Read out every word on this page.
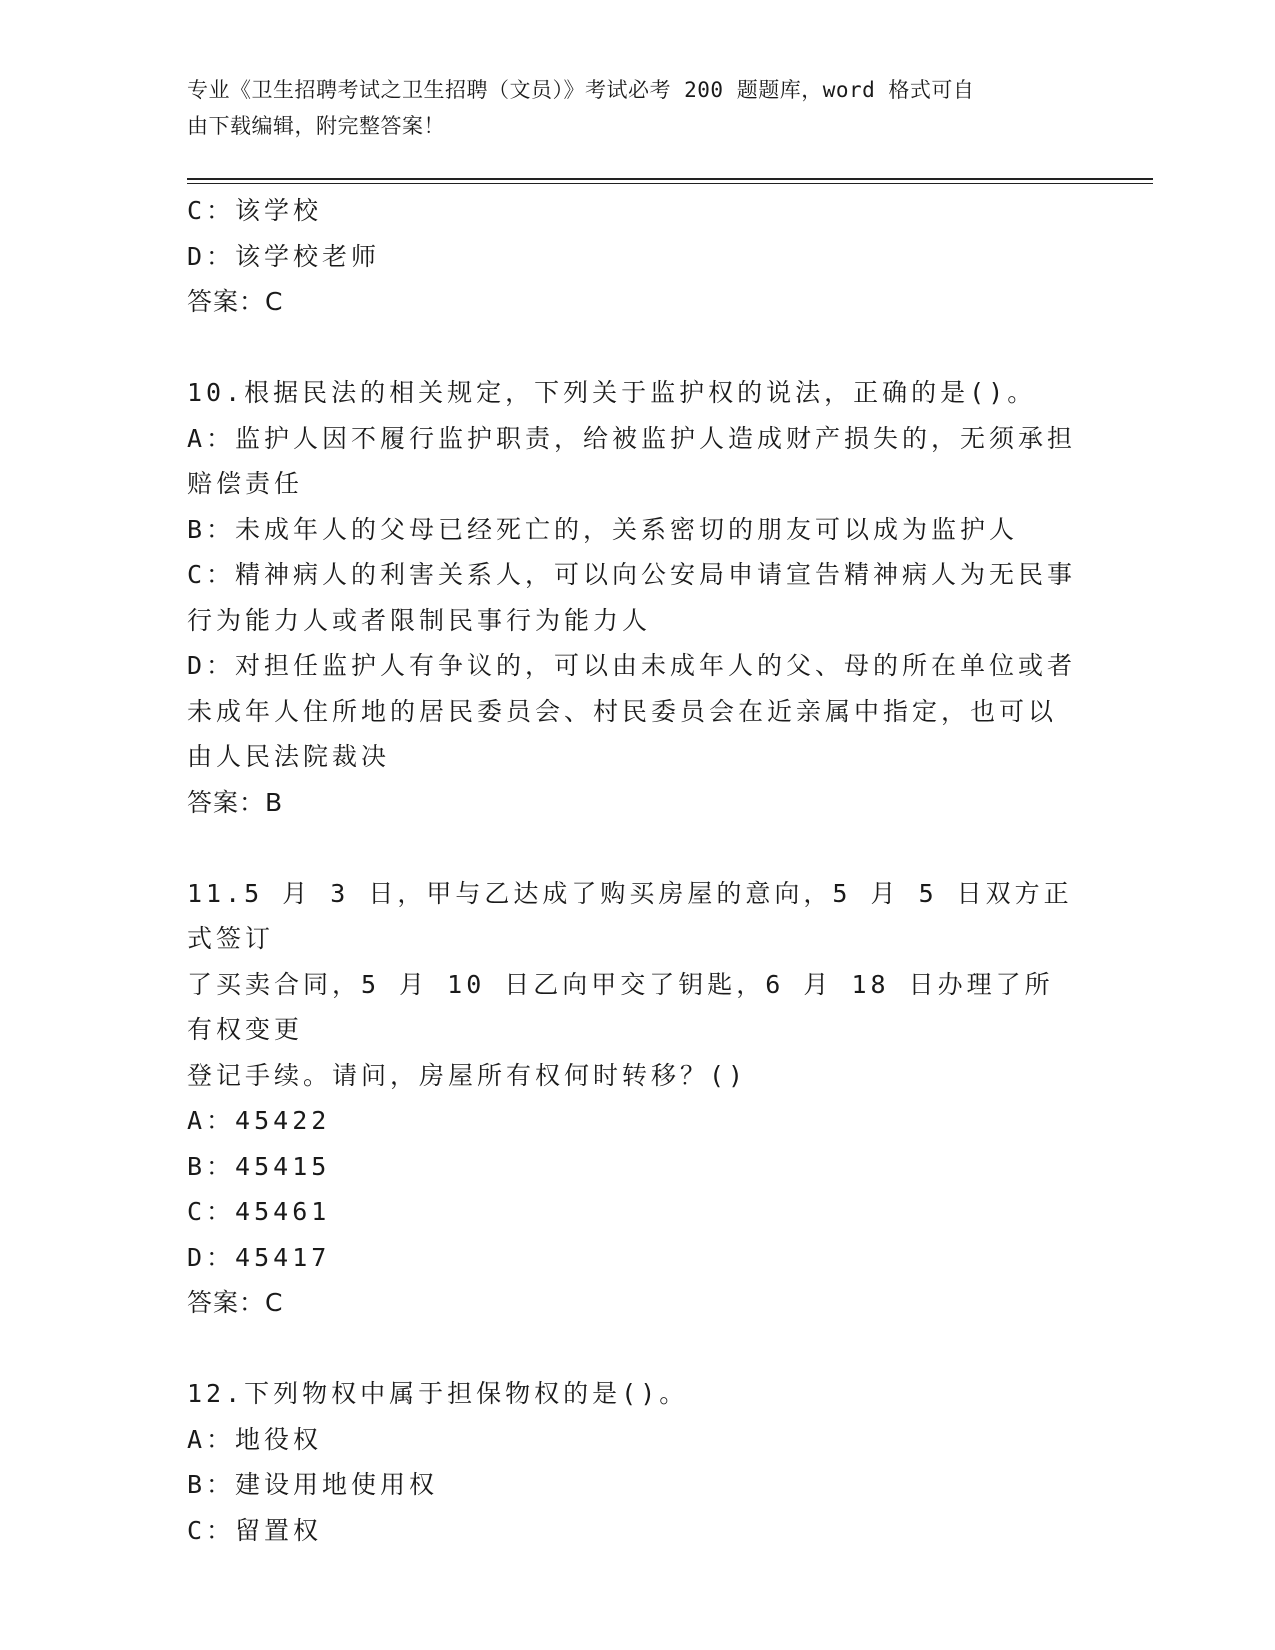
专业《卫生招聘考试之卫生招聘（文员）》考试必考 200 题题库，word 格式可自
由下载编辑，附完整答案！
C：该学校
D：该学校老师
答案：C
10.根据民法的相关规定，下列关于监护权的说法，正确的是()。
A：监护人因不履行监护职责，给被监护人造成财产损失的，无须承担
赔偿责任
B：未成年人的父母已经死亡的，关系密切的朋友可以成为监护人
C：精神病人的利害关系人，可以向公安局申请宣告精神病人为无民事
行为能力人或者限制民事行为能力人
D：对担任监护人有争议的，可以由未成年人的父、母的所在单位或者
未成年人住所地的居民委员会、村民委员会在近亲属中指定，也可以
由人民法院裁决
答案：B
11.5 月 3 日，甲与乙达成了购买房屋的意向，5 月 5 日双方正式签订
了买卖合同，5 月 10 日乙向甲交了钥匙，6 月 18 日办理了所有权变更
登记手续。请问，房屋所有权何时转移？()
A：45422
B：45415
C：45461
D：45417
答案：C
12.下列物权中属于担保物权的是()。
A：地役权
B：建设用地使用权
C：留置权
